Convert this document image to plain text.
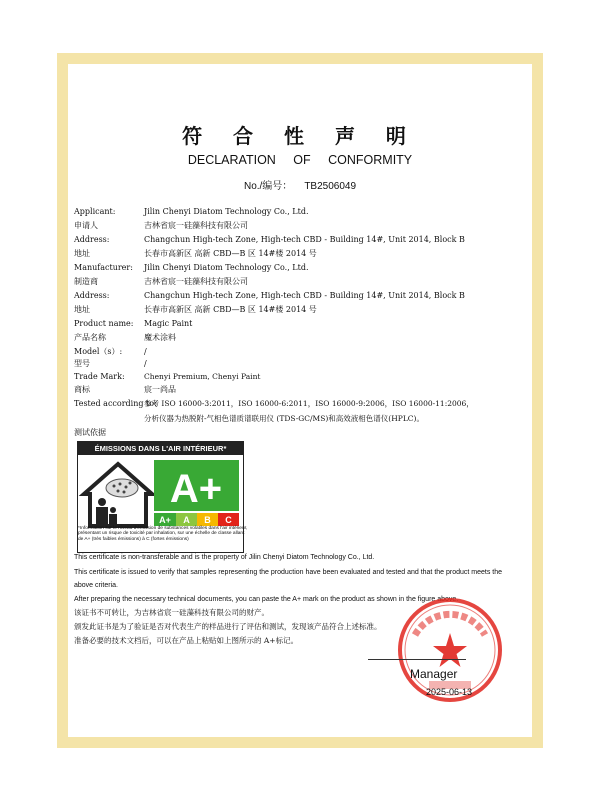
符 合 性 声 明
DECLARATION OF CONFORMITY
No./编号： TB2506049
Applicant:	Jilin Chenyi Diatom Technology Co., Ltd.
申请人	吉林省宸一硅藻科技有限公司
Address:	Changchun High-tech Zone, High-tech CBD - Building 14#, Unit 2014, Block B
地址	长春市高新区 高新 CBD—B 区 14#楼 2014 号
Manufacturer: Jilin Chenyi Diatom Technology Co., Ltd.
制造商	吉林省宸一硅藻科技有限公司
Address:	Changchun High-tech Zone, High-tech CBD - Building 14#, Unit 2014, Block B
地址	长春市高新区 高新 CBD—B 区 14#楼 2014 号
Product name: Magic Paint
产品名称	魔术涂料
Model（s）:	/
型号	/
Trade Mark:	Chenyi Premium, Chenyi Paint
商标	宸一尚品
Tested according to:参考 ISO 16000-3:2011，ISO 16000-6:2011，ISO 16000-9:2006，ISO 16000-11:2006，
分析仪器为热脱附-气相色谱质谱联用仪 (TDS-GC/MS)和高效液相色谱仪(HPLC)。
测试依据
ÉMISSIONS DANS L'AIR INTÉRIEUR*
A+
A+ A B C
*Information sur le niveau d'émission de substances volatiles dans l'air intérieur, présentant un risque de toxicité par inhalation, sur une échelle de classe allant de A+ (très faibles émissions) à C (fortes émissions)
This certificate is non-transferable and is the property of Jilin Chenyi Diatom Technology Co., Ltd.
This certificate is issued to verify that samples representing the production have been evaluated and tested and that the product meets the
above criteria.
After preparing the necessary technical documents, you can paste the A+ mark on the product as shown in the figure above.
该证书不可转让，为吉林省宸一硅藻科技有限公司的财产。
颁发此证书是为了验证是否对代表生产的样品进行了评估和测试，发现该产品符合上述标准。
准备必要的技术文档后，可以在产品上粘贴如上图所示的 A+标记。
Manager
2025-06-13
